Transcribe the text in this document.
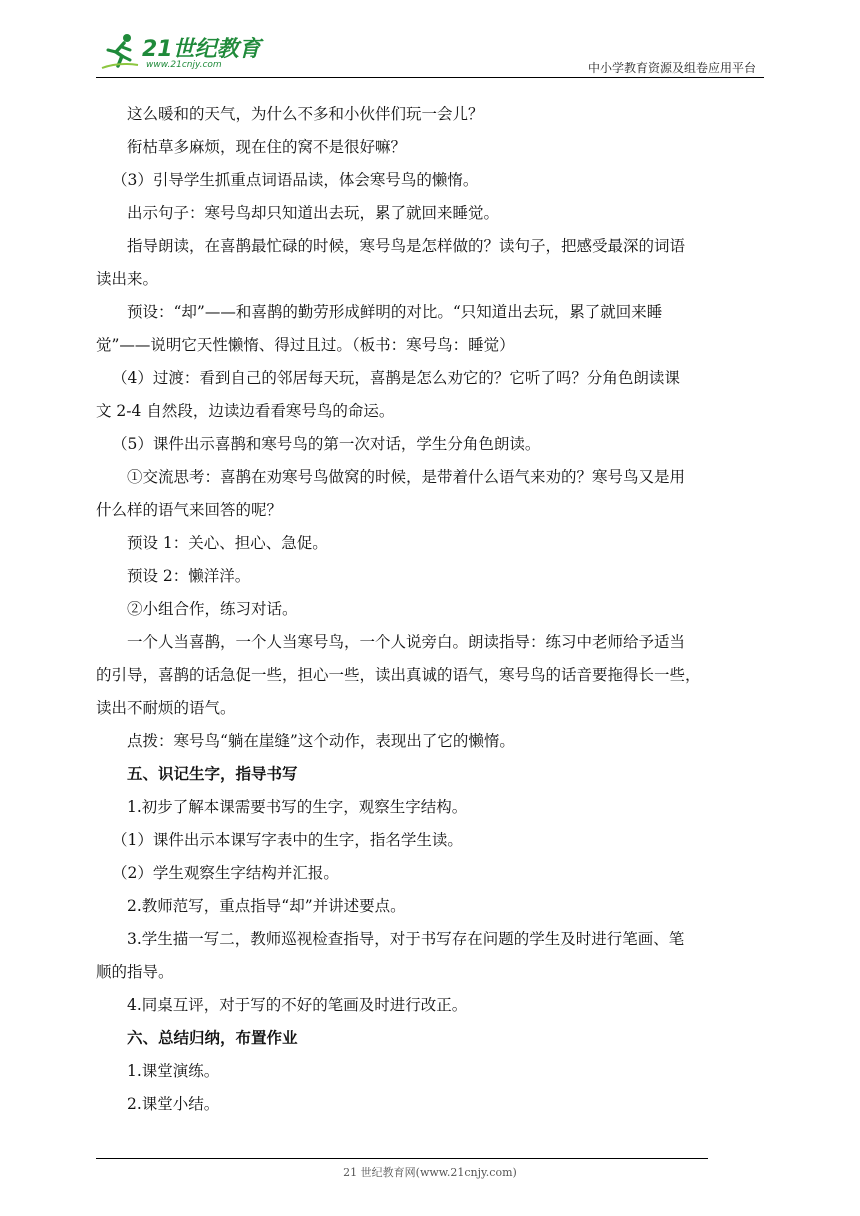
21世纪教育
www.21cnjy.com	中小学教育资源及组卷应用平台
这么暖和的天气，为什么不多和小伙伴们玩一会儿？
衔枯草多麻烦，现在住的窝不是很好嘛？
（3）引导学生抓重点词语品读，体会寒号鸟的懒惰。
出示句子：寒号鸟却只知道出去玩，累了就回来睡觉。
指导朗读，在喜鹊最忙碌的时候，寒号鸟是怎样做的？读句子，把感受最深的词语
读出来。
预设：“却”——和喜鹊的勤劳形成鲜明的对比。“只知道出去玩，累了就回来睡
觉”——说明它天性懒惰、得过且过。（板书：寒号鸟：睡觉）
（4）过渡：看到自己的邻居每天玩，喜鹊是怎么劝它的？它听了吗？分角色朗读课
文 2-4 自然段，边读边看看寒号鸟的命运。
（5）课件出示喜鹊和寒号鸟的第一次对话，学生分角色朗读。
①交流思考：喜鹊在劝寒号鸟做窝的时候，是带着什么语气来劝的？寒号鸟又是用
什么样的语气来回答的呢？
预设 1：关心、担心、急促。
预设 2：懒洋洋。
②小组合作，练习对话。
一个人当喜鹊，一个人当寒号鸟，一个人说旁白。朗读指导：练习中老师给予适当
的引导，喜鹊的话急促一些，担心一些，读出真诚的语气，寒号鸟的话音要拖得长一些，
读出不耐烦的语气。
点拨：寒号鸟“躺在崖缝”这个动作，表现出了它的懒惰。
五、识记生字，指导书写
1.初步了解本课需要书写的生字，观察生字结构。
（1）课件出示本课写字表中的生字，指名学生读。
（2）学生观察生字结构并汇报。
2.教师范写，重点指导“却”并讲述要点。
3.学生描一写二，教师巡视检查指导，对于书写存在问题的学生及时进行笔画、笔
顺的指导。
4.同桌互评，对于写的不好的笔画及时进行改正。
六、总结归纳，布置作业
1.课堂演练。
2.课堂小结。
21 世纪教育网(www.21cnjy.com)
